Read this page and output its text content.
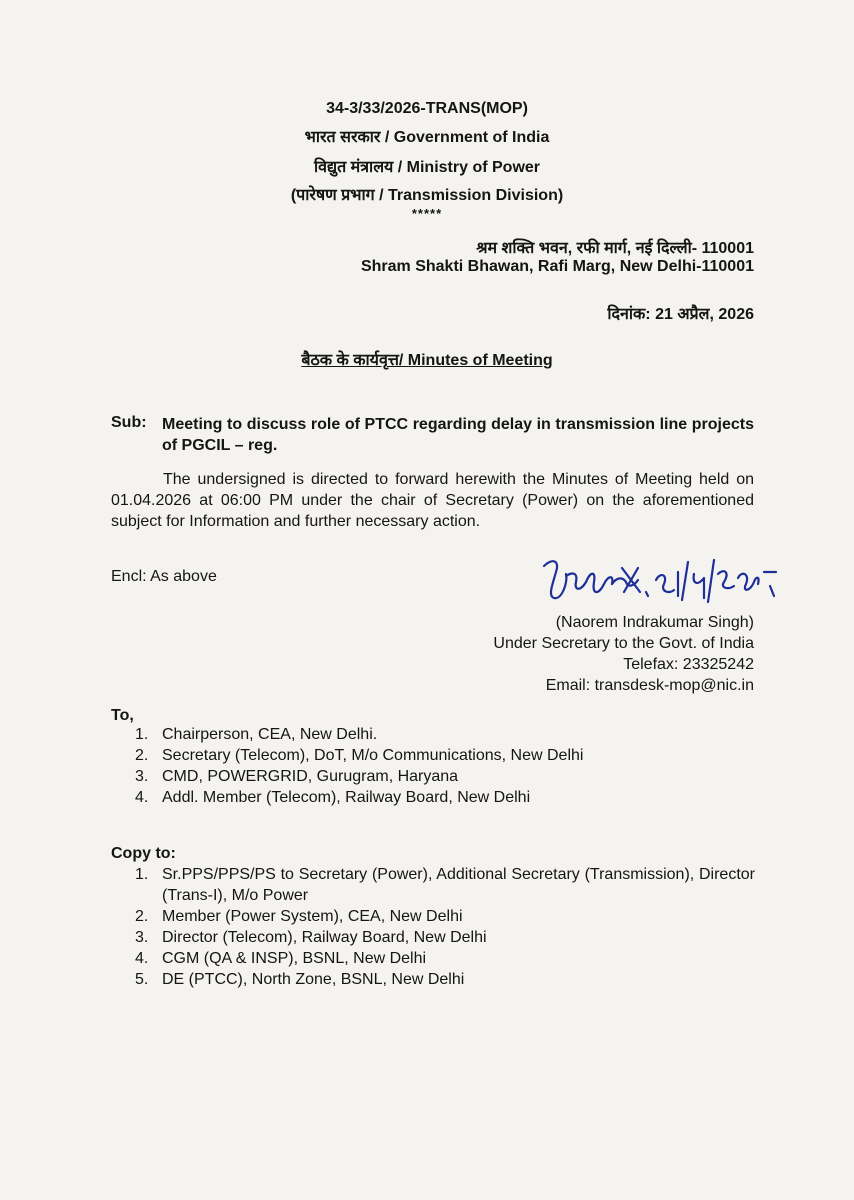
34-3/33/2026-TRANS(MOP)
भारत सरकार / Government of India
विद्युत मंत्रालय / Ministry of Power
(पारेषण प्रभाग / Transmission Division)
*****
श्रम शक्ति भवन, रफी मार्ग, नई दिल्ली- 110001
Shram Shakti Bhawan, Rafi Marg, New Delhi-110001
दिनांक: 21 अप्रैल, 2026
बैठक के कार्यवृत्त/ Minutes of Meeting
Sub: Meeting to discuss role of PTCC regarding delay in transmission line projects of PGCIL – reg.
The undersigned is directed to forward herewith the Minutes of Meeting held on 01.04.2026 at 06:00 PM under the chair of Secretary (Power) on the aforementioned subject for Information and further necessary action.
Encl: As above
(Naorem Indrakumar Singh)
Under Secretary to the Govt. of India
Telefax: 23325242
Email: transdesk-mop@nic.in
To,
1. Chairperson, CEA, New Delhi.
2. Secretary (Telecom), DoT, M/o Communications, New Delhi
3. CMD, POWERGRID, Gurugram, Haryana
4. Addl. Member (Telecom), Railway Board, New Delhi
Copy to:
1. Sr.PPS/PPS/PS to Secretary (Power), Additional Secretary (Transmission), Director (Trans-I), M/o Power
2. Member (Power System), CEA, New Delhi
3. Director (Telecom), Railway Board, New Delhi
4. CGM (QA & INSP), BSNL, New Delhi
5. DE (PTCC), North Zone, BSNL, New Delhi
